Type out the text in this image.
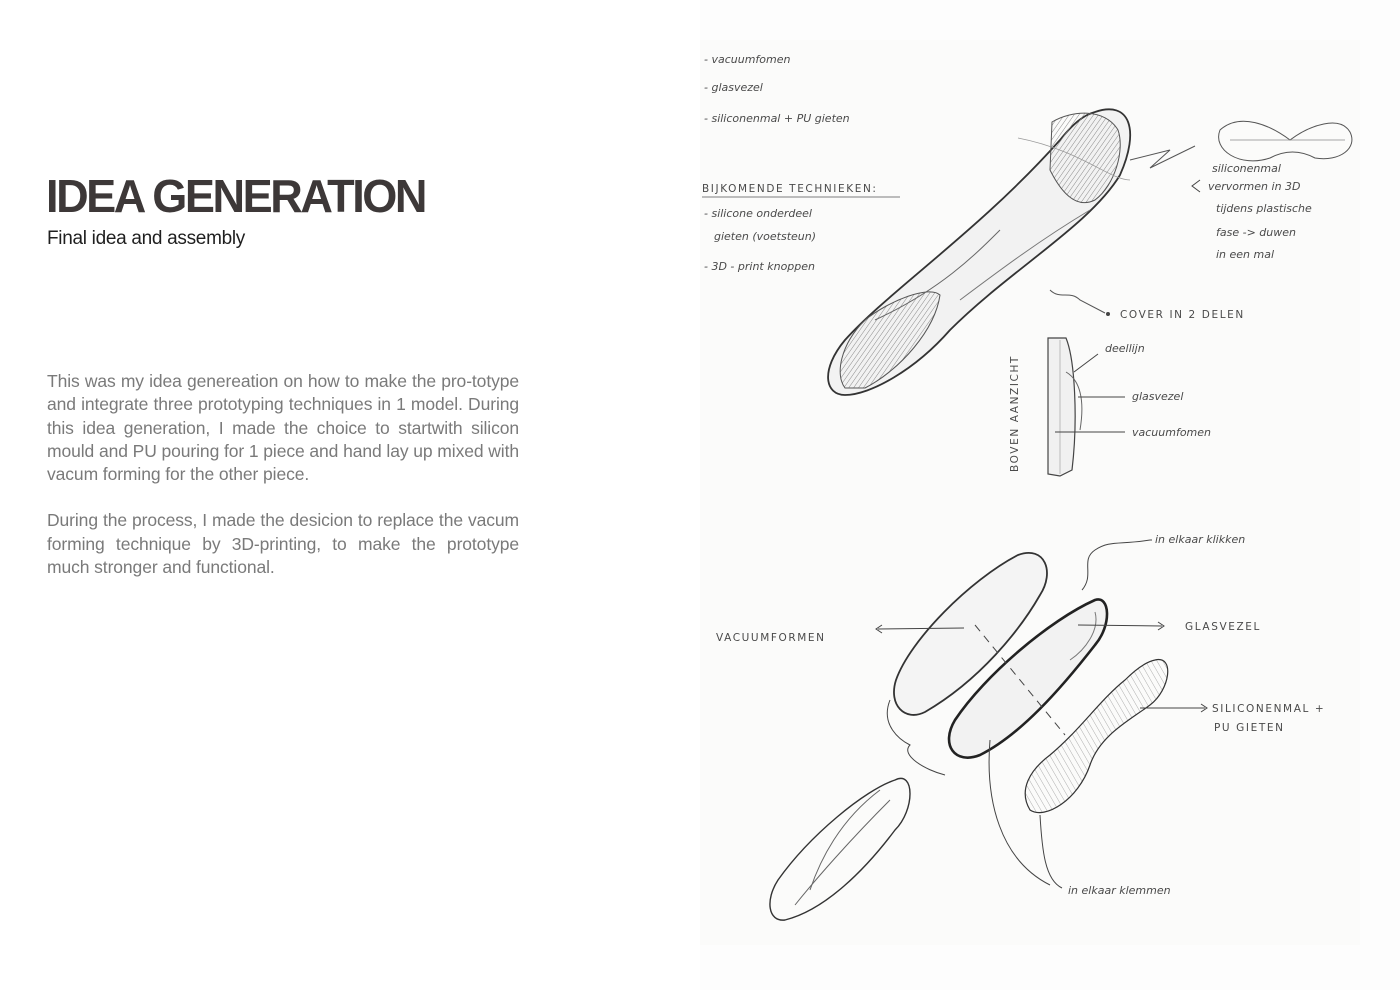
IDEA GENERATION
Final idea and assembly

This was my idea genereation on how to make the pro-totype and integrate three prototyping techniques in 1 model. During this idea generation, I made the choice to startwith silicon mould and PU pouring for 1 piece and hand lay up mixed with vacum forming for the other piece.

During the process, I made the desicion to replace the vacum forming technique by 3D-printing, to make the prototype much stronger and functional.

- vacuumfomen
- glasvezel
- siliconenmal + PU gieten
BIJKOMENDE TECHNIEKEN:
- silicone onderdeel
gieten (voetsteun)
- 3D - print knoppen
siliconenmal
vervormen in 3D
tijdens plastische
fase -> duwen
in een mal
COVER IN 2 DELEN
BOVEN AANZICHT
deellijn
glasvezel
vacuumfomen
in elkaar klikken
VACUUMFORMEN
GLASVEZEL
SILICONENMAL +
PU GIETEN
in elkaar klemmen
